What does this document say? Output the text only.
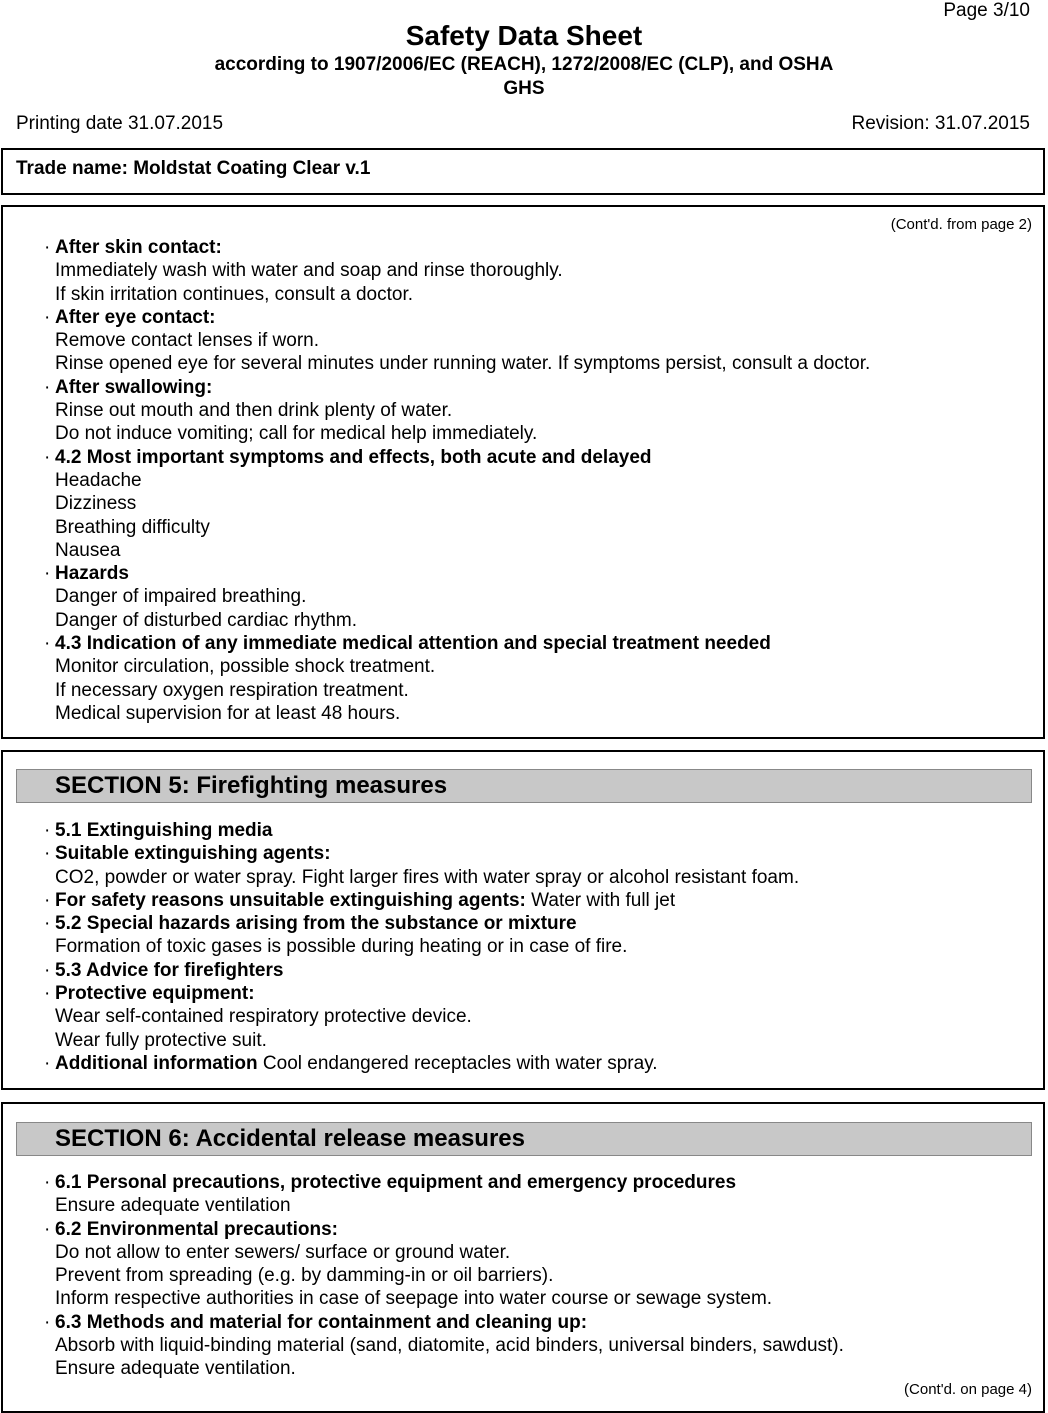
Page 3/10
Safety Data Sheet
according to 1907/2006/EC (REACH), 1272/2008/EC (CLP), and OSHA
GHS
Printing date 31.07.2015	Revision: 31.07.2015
Trade name: Moldstat Coating Clear v.1
(Cont'd. from page 2)
· After skin contact:
Immediately wash with water and soap and rinse thoroughly.
If skin irritation continues, consult a doctor.
· After eye contact:
Remove contact lenses if worn.
Rinse opened eye for several minutes under running water. If symptoms persist, consult a doctor.
· After swallowing:
Rinse out mouth and then drink plenty of water.
Do not induce vomiting; call for medical help immediately.
· 4.2 Most important symptoms and effects, both acute and delayed
Headache
Dizziness
Breathing difficulty
Nausea
· Hazards
Danger of impaired breathing.
Danger of disturbed cardiac rhythm.
· 4.3 Indication of any immediate medical attention and special treatment needed
Monitor circulation, possible shock treatment.
If necessary oxygen respiration treatment.
Medical supervision for at least 48 hours.
SECTION 5: Firefighting measures
· 5.1 Extinguishing media
· Suitable extinguishing agents:
CO2, powder or water spray. Fight larger fires with water spray or alcohol resistant foam.
· For safety reasons unsuitable extinguishing agents: Water with full jet
· 5.2 Special hazards arising from the substance or mixture
Formation of toxic gases is possible during heating or in case of fire.
· 5.3 Advice for firefighters
· Protective equipment:
Wear self-contained respiratory protective device.
Wear fully protective suit.
· Additional information Cool endangered receptacles with water spray.
SECTION 6: Accidental release measures
· 6.1 Personal precautions, protective equipment and emergency procedures
Ensure adequate ventilation
· 6.2 Environmental precautions:
Do not allow to enter sewers/ surface or ground water.
Prevent from spreading (e.g. by damming-in or oil barriers).
Inform respective authorities in case of seepage into water course or sewage system.
· 6.3 Methods and material for containment and cleaning up:
Absorb with liquid-binding material (sand, diatomite, acid binders, universal binders, sawdust).
Ensure adequate ventilation.
(Cont'd. on page 4)
